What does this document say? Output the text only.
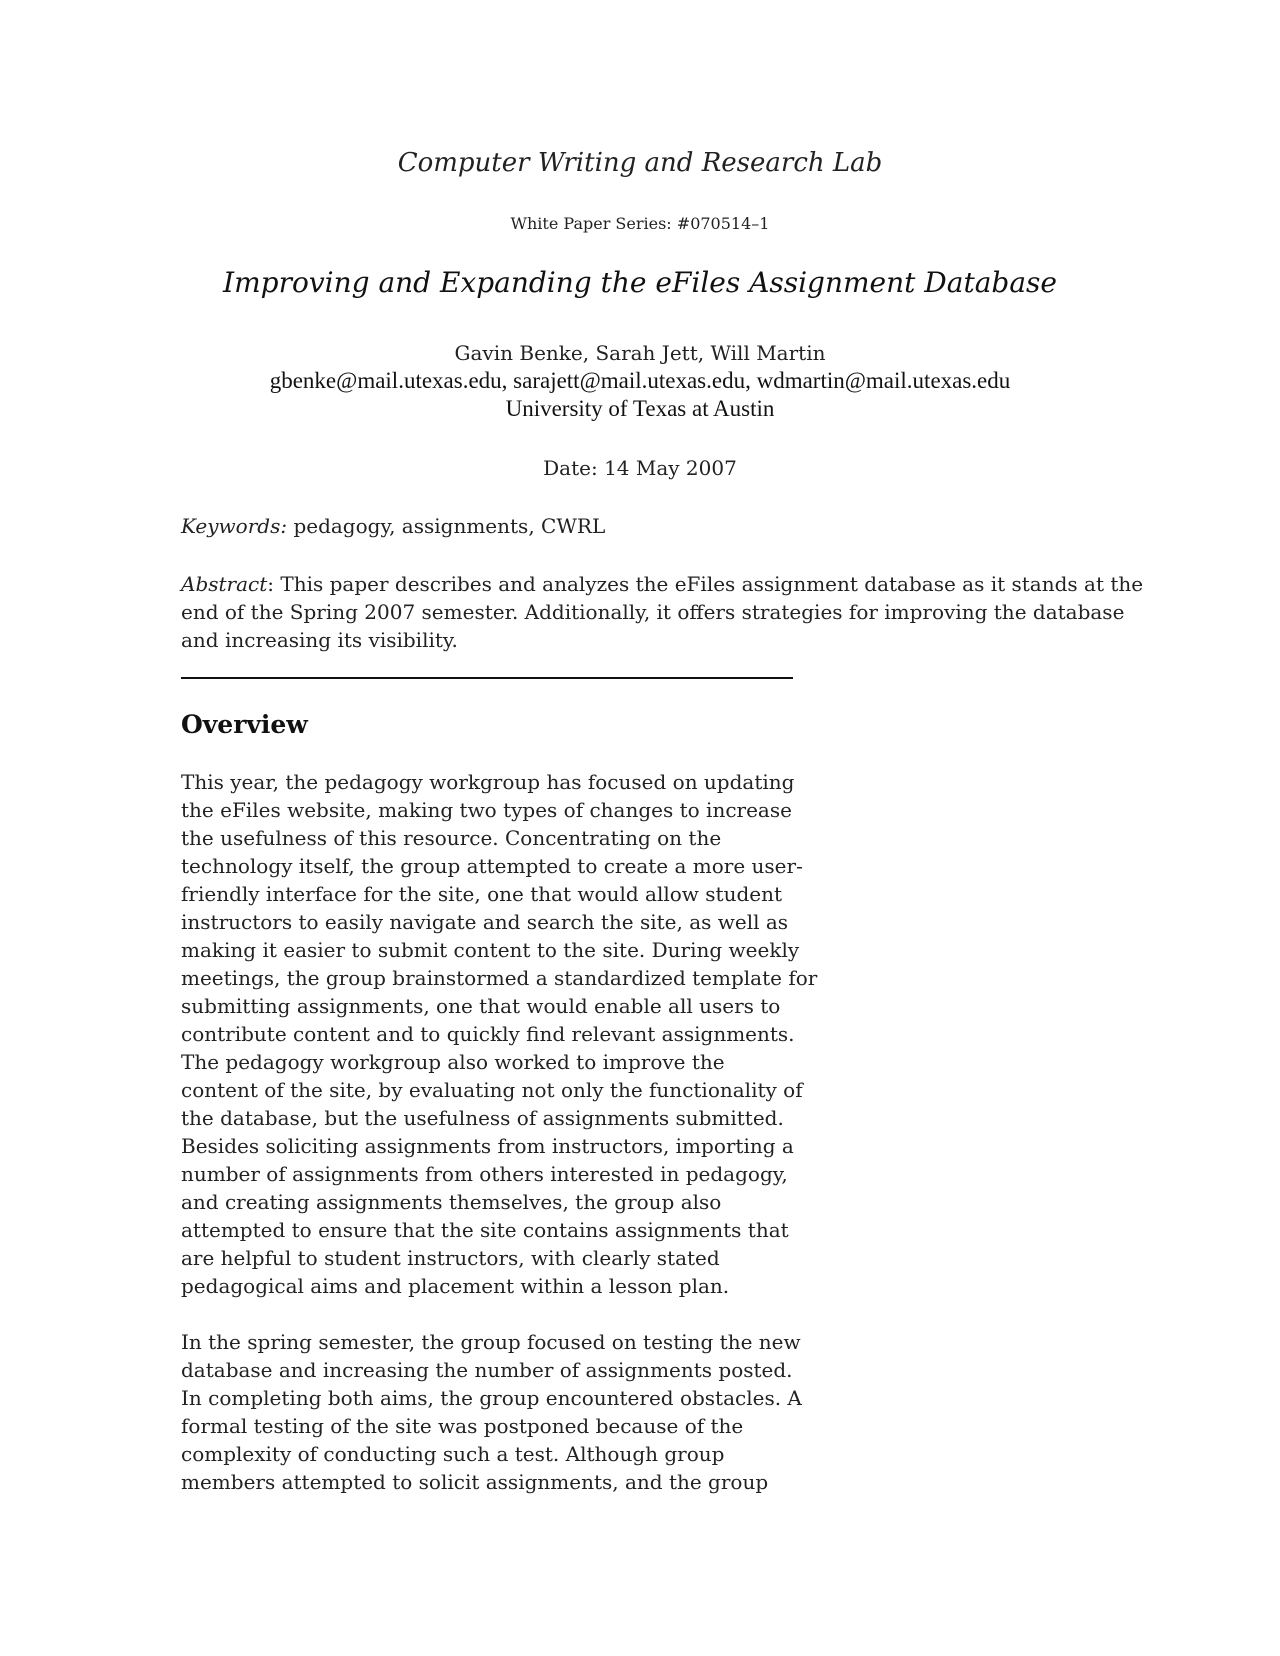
Computer Writing and Research Lab
White Paper Series: #070514–1
Improving and Expanding the eFiles Assignment Database
Gavin Benke, Sarah Jett, Will Martin
gbenke@mail.utexas.edu, sarajett@mail.utexas.edu, wdmartin@mail.utexas.edu
University of Texas at Austin
Date: 14 May 2007
Keywords: pedagogy, assignments, CWRL
Abstract: This paper describes and analyzes the eFiles assignment database as it stands at the
end of the Spring 2007 semester. Additionally, it offers strategies for improving the database
and increasing its visibility.
Overview
This year, the pedagogy workgroup has focused on updating
the eFiles website, making two types of changes to increase
the usefulness of this resource. Concentrating on the
technology itself, the group attempted to create a more user-
friendly interface for the site, one that would allow student
instructors to easily navigate and search the site, as well as
making it easier to submit content to the site. During weekly
meetings, the group brainstormed a standardized template for
submitting assignments, one that would enable all users to
contribute content and to quickly find relevant assignments.
The pedagogy workgroup also worked to improve the
content of the site, by evaluating not only the functionality of
the database, but the usefulness of assignments submitted.
Besides soliciting assignments from instructors, importing a
number of assignments from others interested in pedagogy,
and creating assignments themselves, the group also
attempted to ensure that the site contains assignments that
are helpful to student instructors, with clearly stated
pedagogical aims and placement within a lesson plan.
In the spring semester, the group focused on testing the new
database and increasing the number of assignments posted.
In completing both aims, the group encountered obstacles. A
formal testing of the site was postponed because of the
complexity of conducting such a test. Although group
members attempted to solicit assignments, and the group
